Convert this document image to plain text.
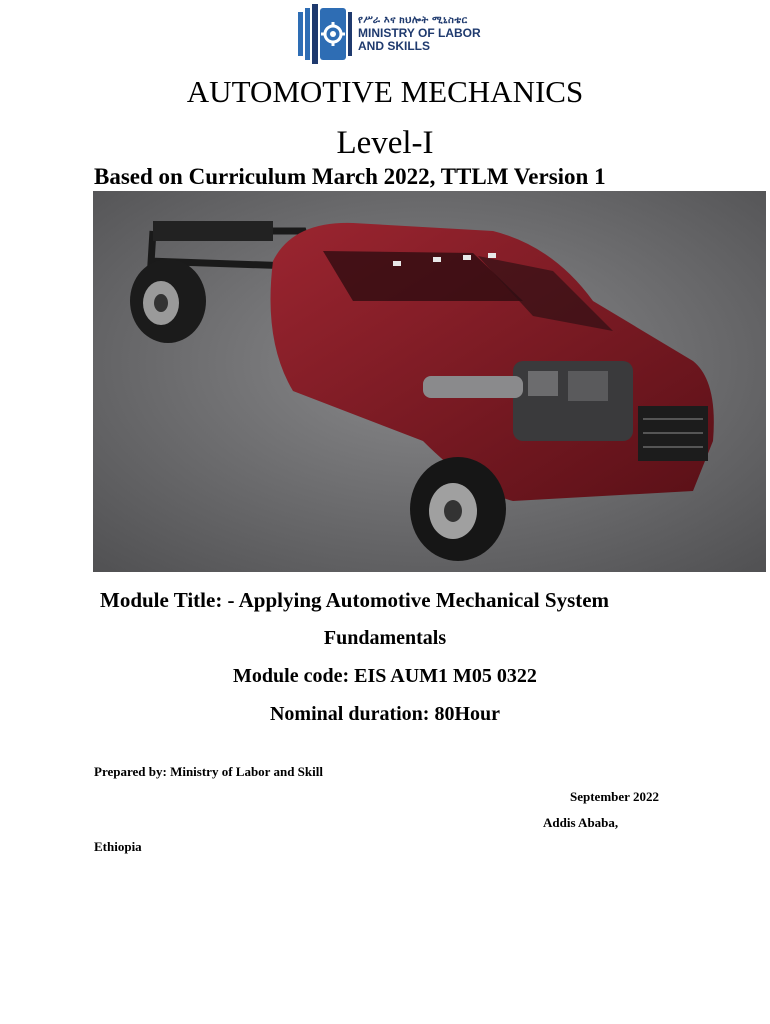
የሥራ እና ክህሎት ሚኒስቴር
MINISTRY OF LABOR
AND SKILLS
AUTOMOTIVE MECHANICS
Level-I
Based on Curriculum March 2022, TTLM Version 1
Module Title: - Applying Automotive Mechanical System
Fundamentals
Module code: EIS AUM1 M05 0322
Nominal duration: 80Hour
Prepared by: Ministry of Labor and Skill
September 2022
Addis Ababa,
Ethiopia
